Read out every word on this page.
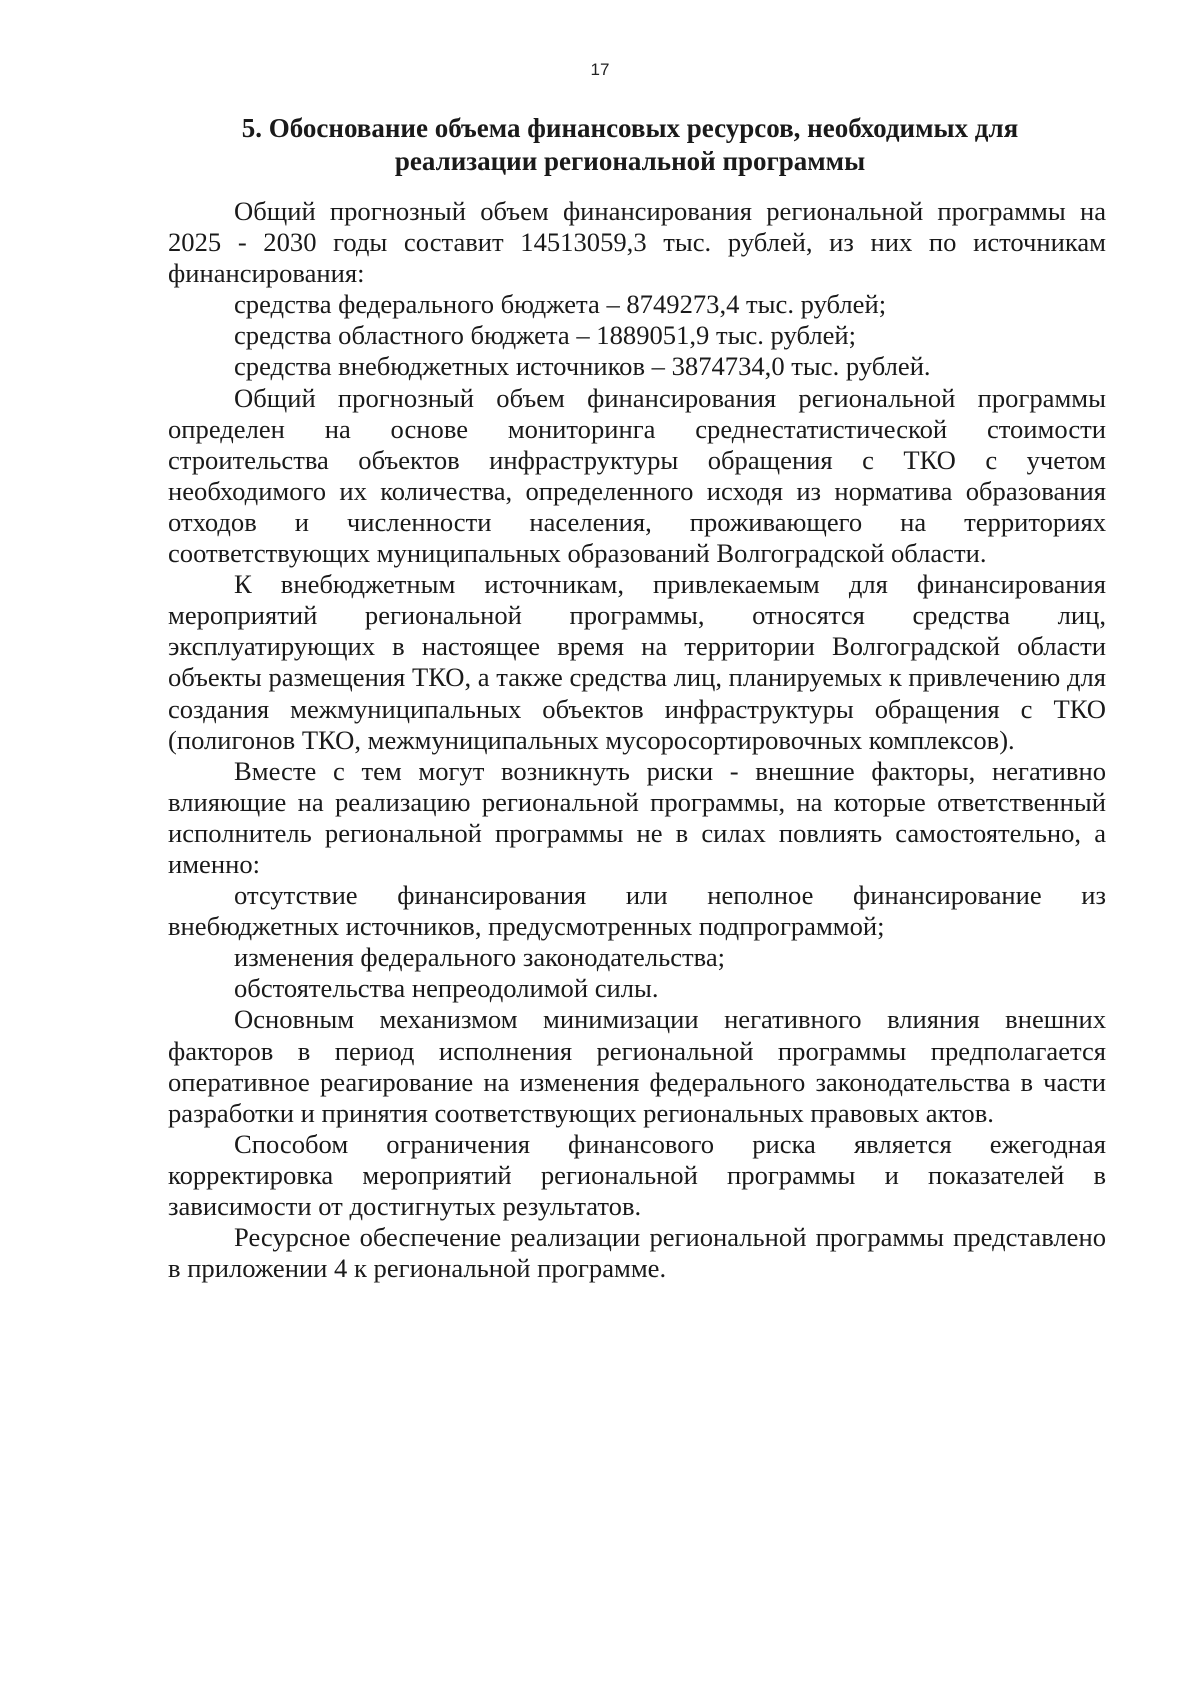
17
5. Обоснование объема финансовых ресурсов, необходимых для
реализации региональной программы

Общий прогнозный объем финансирования региональной программы на 2025 - 2030 годы составит 14513059,3 тыс. рублей, из них по источникам финансирования:

средства федерального бюджета – 8749273,4 тыс. рублей;

средства областного бюджета – 1889051,9 тыс. рублей;

средства внебюджетных источников – 3874734,0 тыс. рублей.

Общий прогнозный объем финансирования региональной программы определен на основе мониторинга среднестатистической стоимости строительства объектов инфраструктуры обращения с ТКО с учетом необходимого их количества, определенного исходя из норматива образования отходов и численности населения, проживающего на территориях соответствующих муниципальных образований Волгоградской области.

К внебюджетным источникам, привлекаемым для финансирования мероприятий региональной программы, относятся средства лиц, эксплуатирующих в настоящее время на территории Волгоградской области объекты размещения ТКО, а также средства лиц, планируемых к привлечению для создания межмуниципальных объектов инфраструктуры обращения с ТКО (полигонов ТКО, межмуниципальных мусоросортировочных комплексов).

Вместе с тем могут возникнуть риски - внешние факторы, негативно влияющие на реализацию региональной программы, на которые ответственный исполнитель региональной программы не в силах повлиять самостоятельно, а именно:

отсутствие финансирования или неполное финансирование из внебюджетных источников, предусмотренных подпрограммой;

изменения федерального законодательства;

обстоятельства непреодолимой силы.

Основным механизмом минимизации негативного влияния внешних факторов в период исполнения региональной программы предполагается оперативное реагирование на изменения федерального законодательства в части разработки и принятия соответствующих региональных правовых актов.

Способом ограничения финансового риска является ежегодная корректировка мероприятий региональной программы и показателей в зависимости от достигнутых результатов.

Ресурсное обеспечение реализации региональной программы представлено в приложении 4 к региональной программе.
